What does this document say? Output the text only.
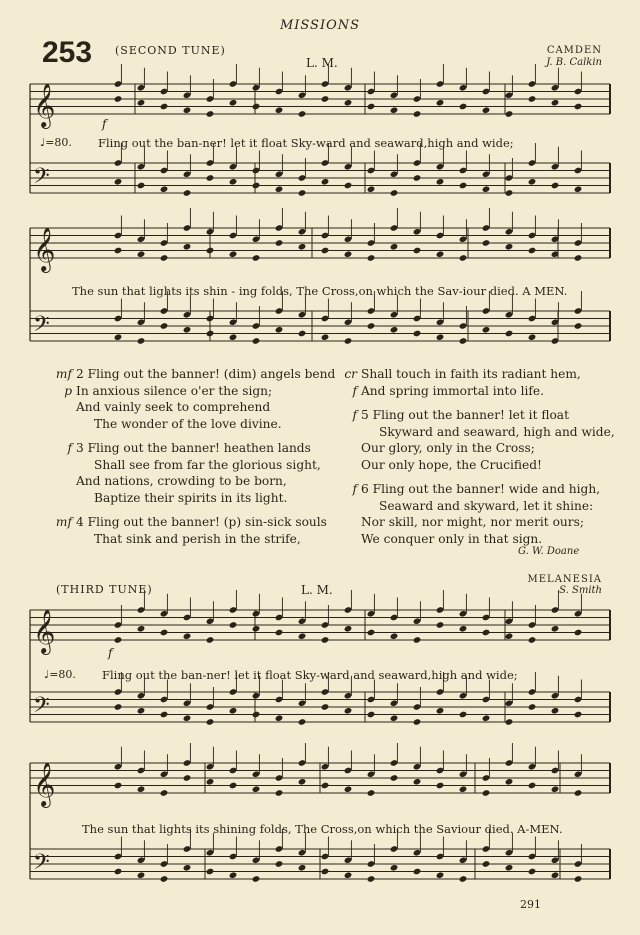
MISSIONS
253 (SECOND TUNE)
L. M.
CAMDEN
J. B. Calkin
𝄞
𝄢
𝄞
𝄢
𝄞
𝄢
𝄞
𝄢
f
♩=80. Fling out the ban-ner! let it float Sky-ward and seaward,high and wide;
The sun that lights its shin - ing folds, The Cross,on which the Sav-iour died. A MEN.
mf 2 Fling out the banner! (dim) angels bend
p In anxious silence o'er the sign;
And vainly seek to comprehend
The wonder of the love divine.
f 3 Fling out the banner! heathen lands
Shall see from far the glorious sight,
And nations, crowding to be born,
Baptize their spirits in its light.
mf 4 Fling out the banner! (p) sin-sick souls
That sink and perish in the strife,
cr Shall touch in faith its radiant hem,
f And spring immortal into life.
f 5 Fling out the banner! let it float
Skyward and seaward, high and wide,
Our glory, only in the Cross;
Our only hope, the Crucified!
f 6 Fling out the banner! wide and high,
Seaward and skyward, let it shine:
Nor skill, nor might, nor merit ours;
We conquer only in that sign.
G. W. Doane
(THIRD TUNE)	L. M.
MELANESIA
S. Smith
f
♩=80. Fling out the ban-ner! let it float Sky-ward and seaward,high and wide;
The sun that lights its shining folds, The Cross,on which the Saviour died. A-MEN.
291
